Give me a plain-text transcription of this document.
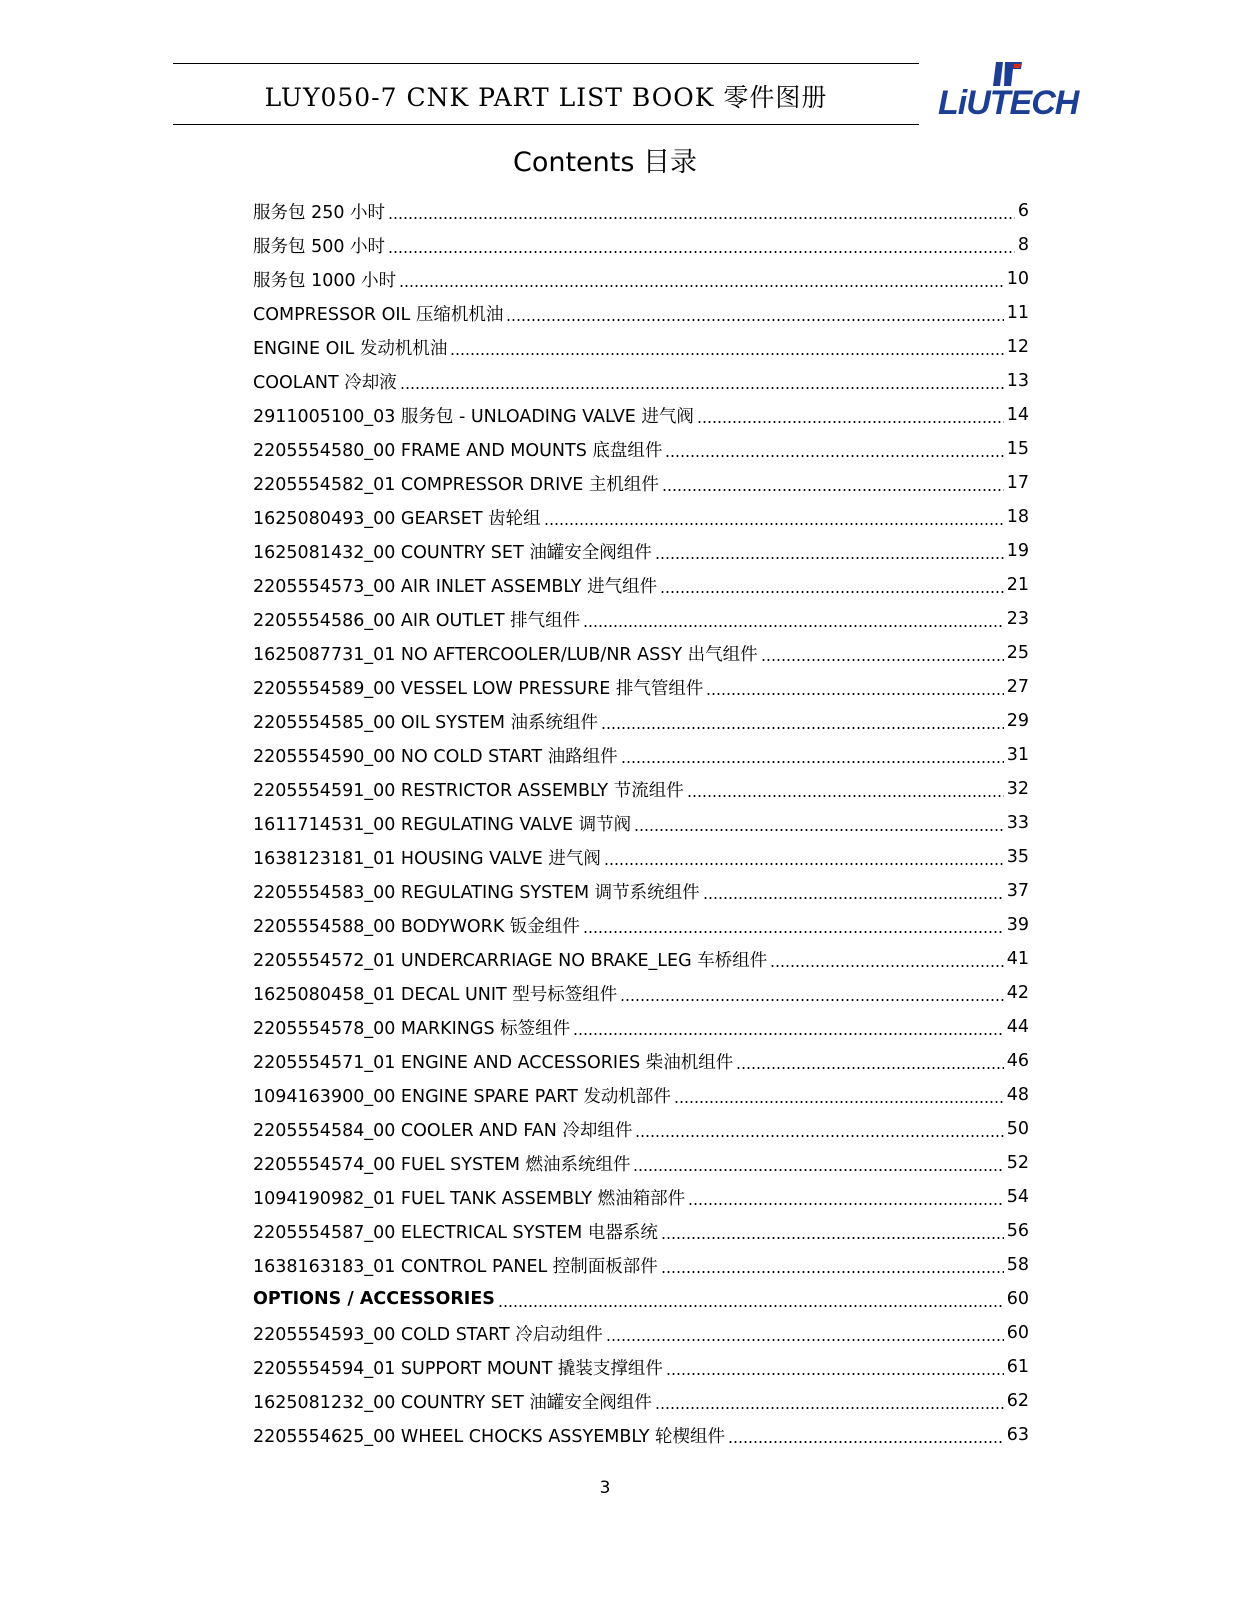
LUY050-7 CNK PART LIST BOOK 零件图册	LiUTECH
Contents 目录
服务包 250 小时	6
服务包 500 小时	8
服务包 1000 小时	10
COMPRESSOR OIL 压缩机机油	11
ENGINE OIL 发动机机油	12
COOLANT 冷却液	13
2911005100_03 服务包 - UNLOADING VALVE 进气阀	14
2205554580_00 FRAME AND MOUNTS 底盘组件	15
2205554582_01 COMPRESSOR DRIVE 主机组件	17
1625080493_00 GEARSET 齿轮组	18
1625081432_00 COUNTRY SET 油罐安全阀组件	19
2205554573_00 AIR INLET ASSEMBLY 进气组件	21
2205554586_00 AIR OUTLET 排气组件	23
1625087731_01 NO AFTERCOOLER/LUB/NR ASSY 出气组件	25
2205554589_00 VESSEL LOW PRESSURE 排气管组件	27
2205554585_00 OIL SYSTEM 油系统组件	29
2205554590_00 NO COLD START 油路组件	31
2205554591_00 RESTRICTOR ASSEMBLY 节流组件	32
1611714531_00 REGULATING VALVE 调节阀	33
1638123181_01 HOUSING VALVE 进气阀	35
2205554583_00 REGULATING SYSTEM 调节系统组件	37
2205554588_00 BODYWORK 钣金组件	39
2205554572_01 UNDERCARRIAGE NO BRAKE_LEG 车桥组件	41
1625080458_01 DECAL UNIT 型号标签组件	42
2205554578_00 MARKINGS 标签组件	44
2205554571_01 ENGINE AND ACCESSORIES 柴油机组件	46
1094163900_00 ENGINE SPARE PART 发动机部件	48
2205554584_00 COOLER AND FAN 冷却组件	50
2205554574_00 FUEL SYSTEM 燃油系统组件	52
1094190982_01 FUEL TANK ASSEMBLY 燃油箱部件	54
2205554587_00 ELECTRICAL SYSTEM 电器系统	56
1638163183_01 CONTROL PANEL 控制面板部件	58
OPTIONS / ACCESSORIES	60
2205554593_00 COLD START 冷启动组件	60
2205554594_01 SUPPORT MOUNT 撬装支撑组件	61
1625081232_00 COUNTRY SET 油罐安全阀组件	62
2205554625_00 WHEEL CHOCKS ASSYEMBLY 轮楔组件	63
3
